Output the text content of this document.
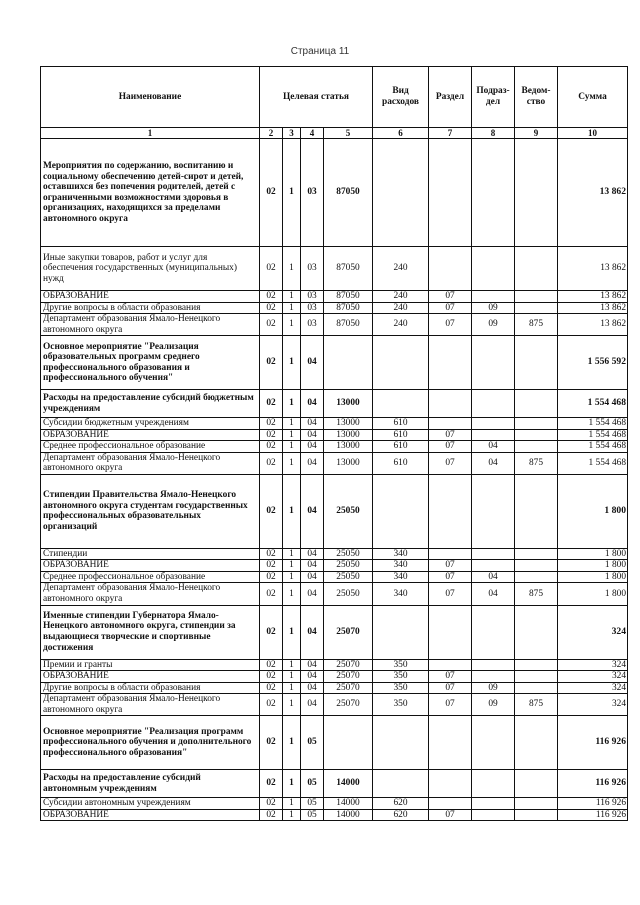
Страница 11
Наименование	Целевая статья				Вид расходов	Раздел	Подраз-дел	Ведом-ство	Сумма
1	2	3	4	5	6	7	8	9	10
Мероприятия по содержанию, воспитанию и социальному обеспечению детей-сирот и детей, оставшихся без попечения родителей, детей с ограниченными возможностями здоровья в организациях, находящихся за пределами автономного округа	02	1	03	87050					13 862
Иные закупки товаров, работ и услуг для обеспечения государственных (муниципальных) нужд	02	1	03	87050	240				13 862
ОБРАЗОВАНИЕ	02	1	03	87050	240	07			13 862
Другие вопросы в области образования	02	1	03	87050	240	07	09		13 862
Департамент образования Ямало-Ненецкого автономного округа	02	1	03	87050	240	07	09	875	13 862
Основное мероприятие "Реализация образовательных программ среднего профессионального образования и профессионального обучения"	02	1	04						1 556 592
Расходы на предоставление субсидий бюджетным учреждениям	02	1	04	13000					1 554 468
Субсидии бюджетным учреждениям	02	1	04	13000	610				1 554 468
ОБРАЗОВАНИЕ	02	1	04	13000	610	07			1 554 468
Среднее профессиональное образование	02	1	04	13000	610	07	04		1 554 468
Департамент образования Ямало-Ненецкого автономного округа	02	1	04	13000	610	07	04	875	1 554 468
Стипендии Правительства Ямало-Ненецкого автономного округа студентам государственных профессиональных образовательных организаций	02	1	04	25050					1 800
Стипендии	02	1	04	25050	340				1 800
ОБРАЗОВАНИЕ	02	1	04	25050	340	07			1 800
Среднее профессиональное образование	02	1	04	25050	340	07	04		1 800
Департамент образования Ямало-Ненецкого автономного округа	02	1	04	25050	340	07	04	875	1 800
Именные стипендии Губернатора Ямало-Ненецкого автономного округа, стипендии за выдающиеся творческие и спортивные достижения	02	1	04	25070					324
Премии и гранты	02	1	04	25070	350				324
ОБРАЗОВАНИЕ	02	1	04	25070	350	07			324
Другие вопросы в области образования	02	1	04	25070	350	07	09		324
Департамент образования Ямало-Ненецкого автономного округа	02	1	04	25070	350	07	09	875	324
Основное мероприятие "Реализация программ профессионального обучения и дополнительного профессионального образования"	02	1	05						116 926
Расходы на предоставление субсидий автономным учреждениям	02	1	05	14000					116 926
Субсидии автономным учреждениям	02	1	05	14000	620				116 926
ОБРАЗОВАНИЕ	02	1	05	14000	620	07			116 926
